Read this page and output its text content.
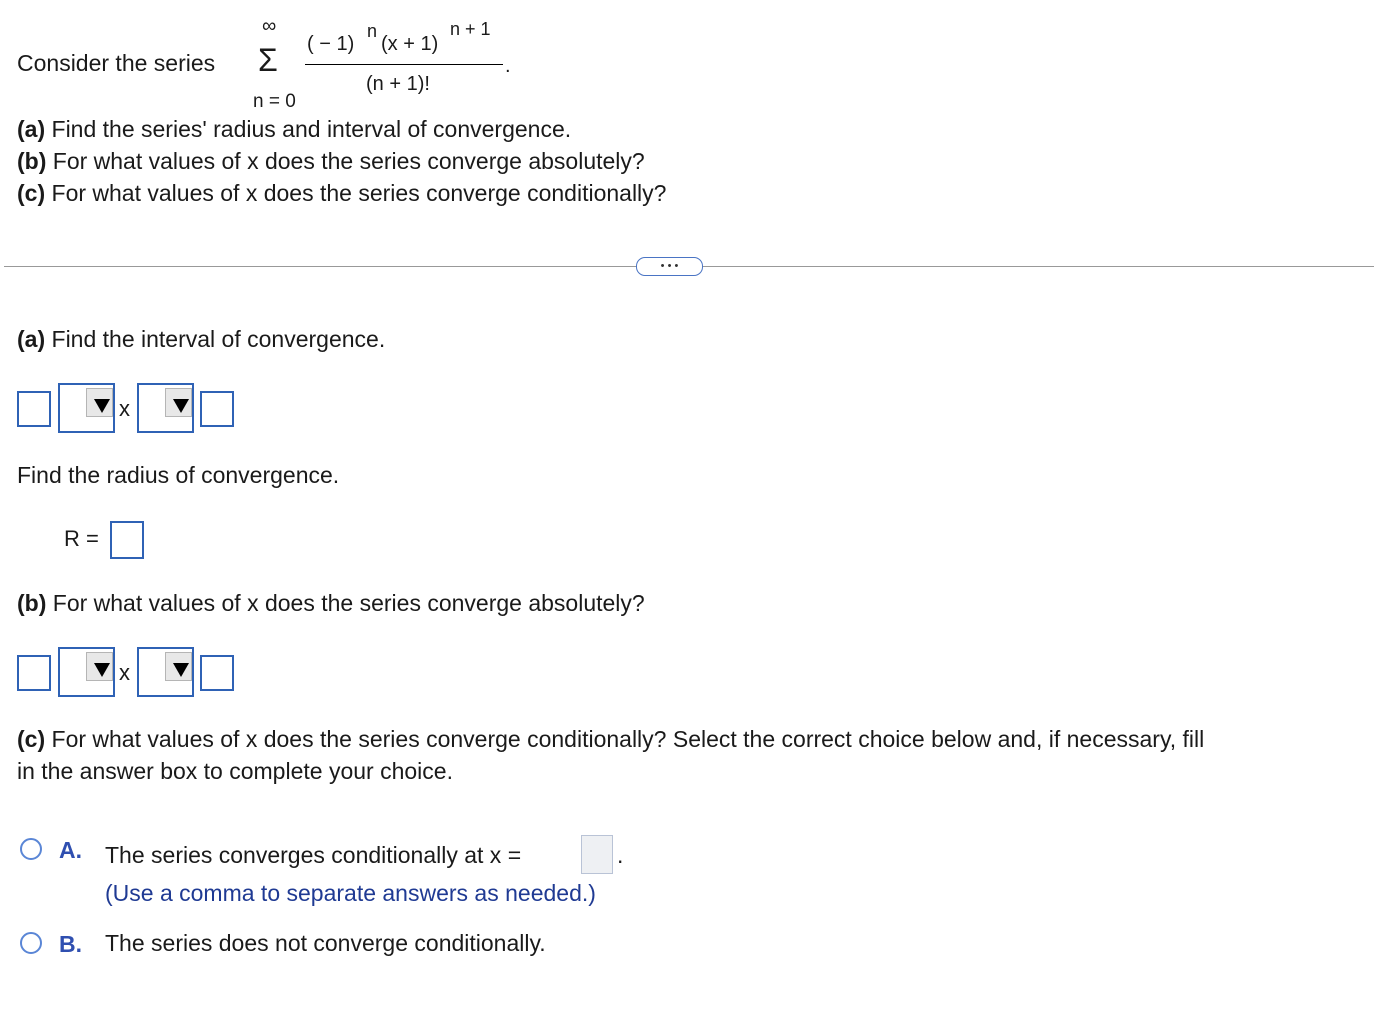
Consider the series
∞
Σ
n = 0
( − 1)
n
(x + 1)
n + 1
(n + 1)!
.
(a) Find the series' radius and interval of convergence.
(b) For what values of x does the series converge absolutely?
(c) For what values of x does the series converge conditionally?
• • •
(a) Find the interval of convergence.
x
Find the radius of convergence.
R =
(b) For what values of x does the series converge absolutely?
x
(c) For what values of x does the series converge conditionally? Select the correct choice below and, if necessary, fill
in the answer box to complete your choice.
A. The series converges conditionally at x =	.
(Use a comma to separate answers as needed.)
B. The series does not converge conditionally.
